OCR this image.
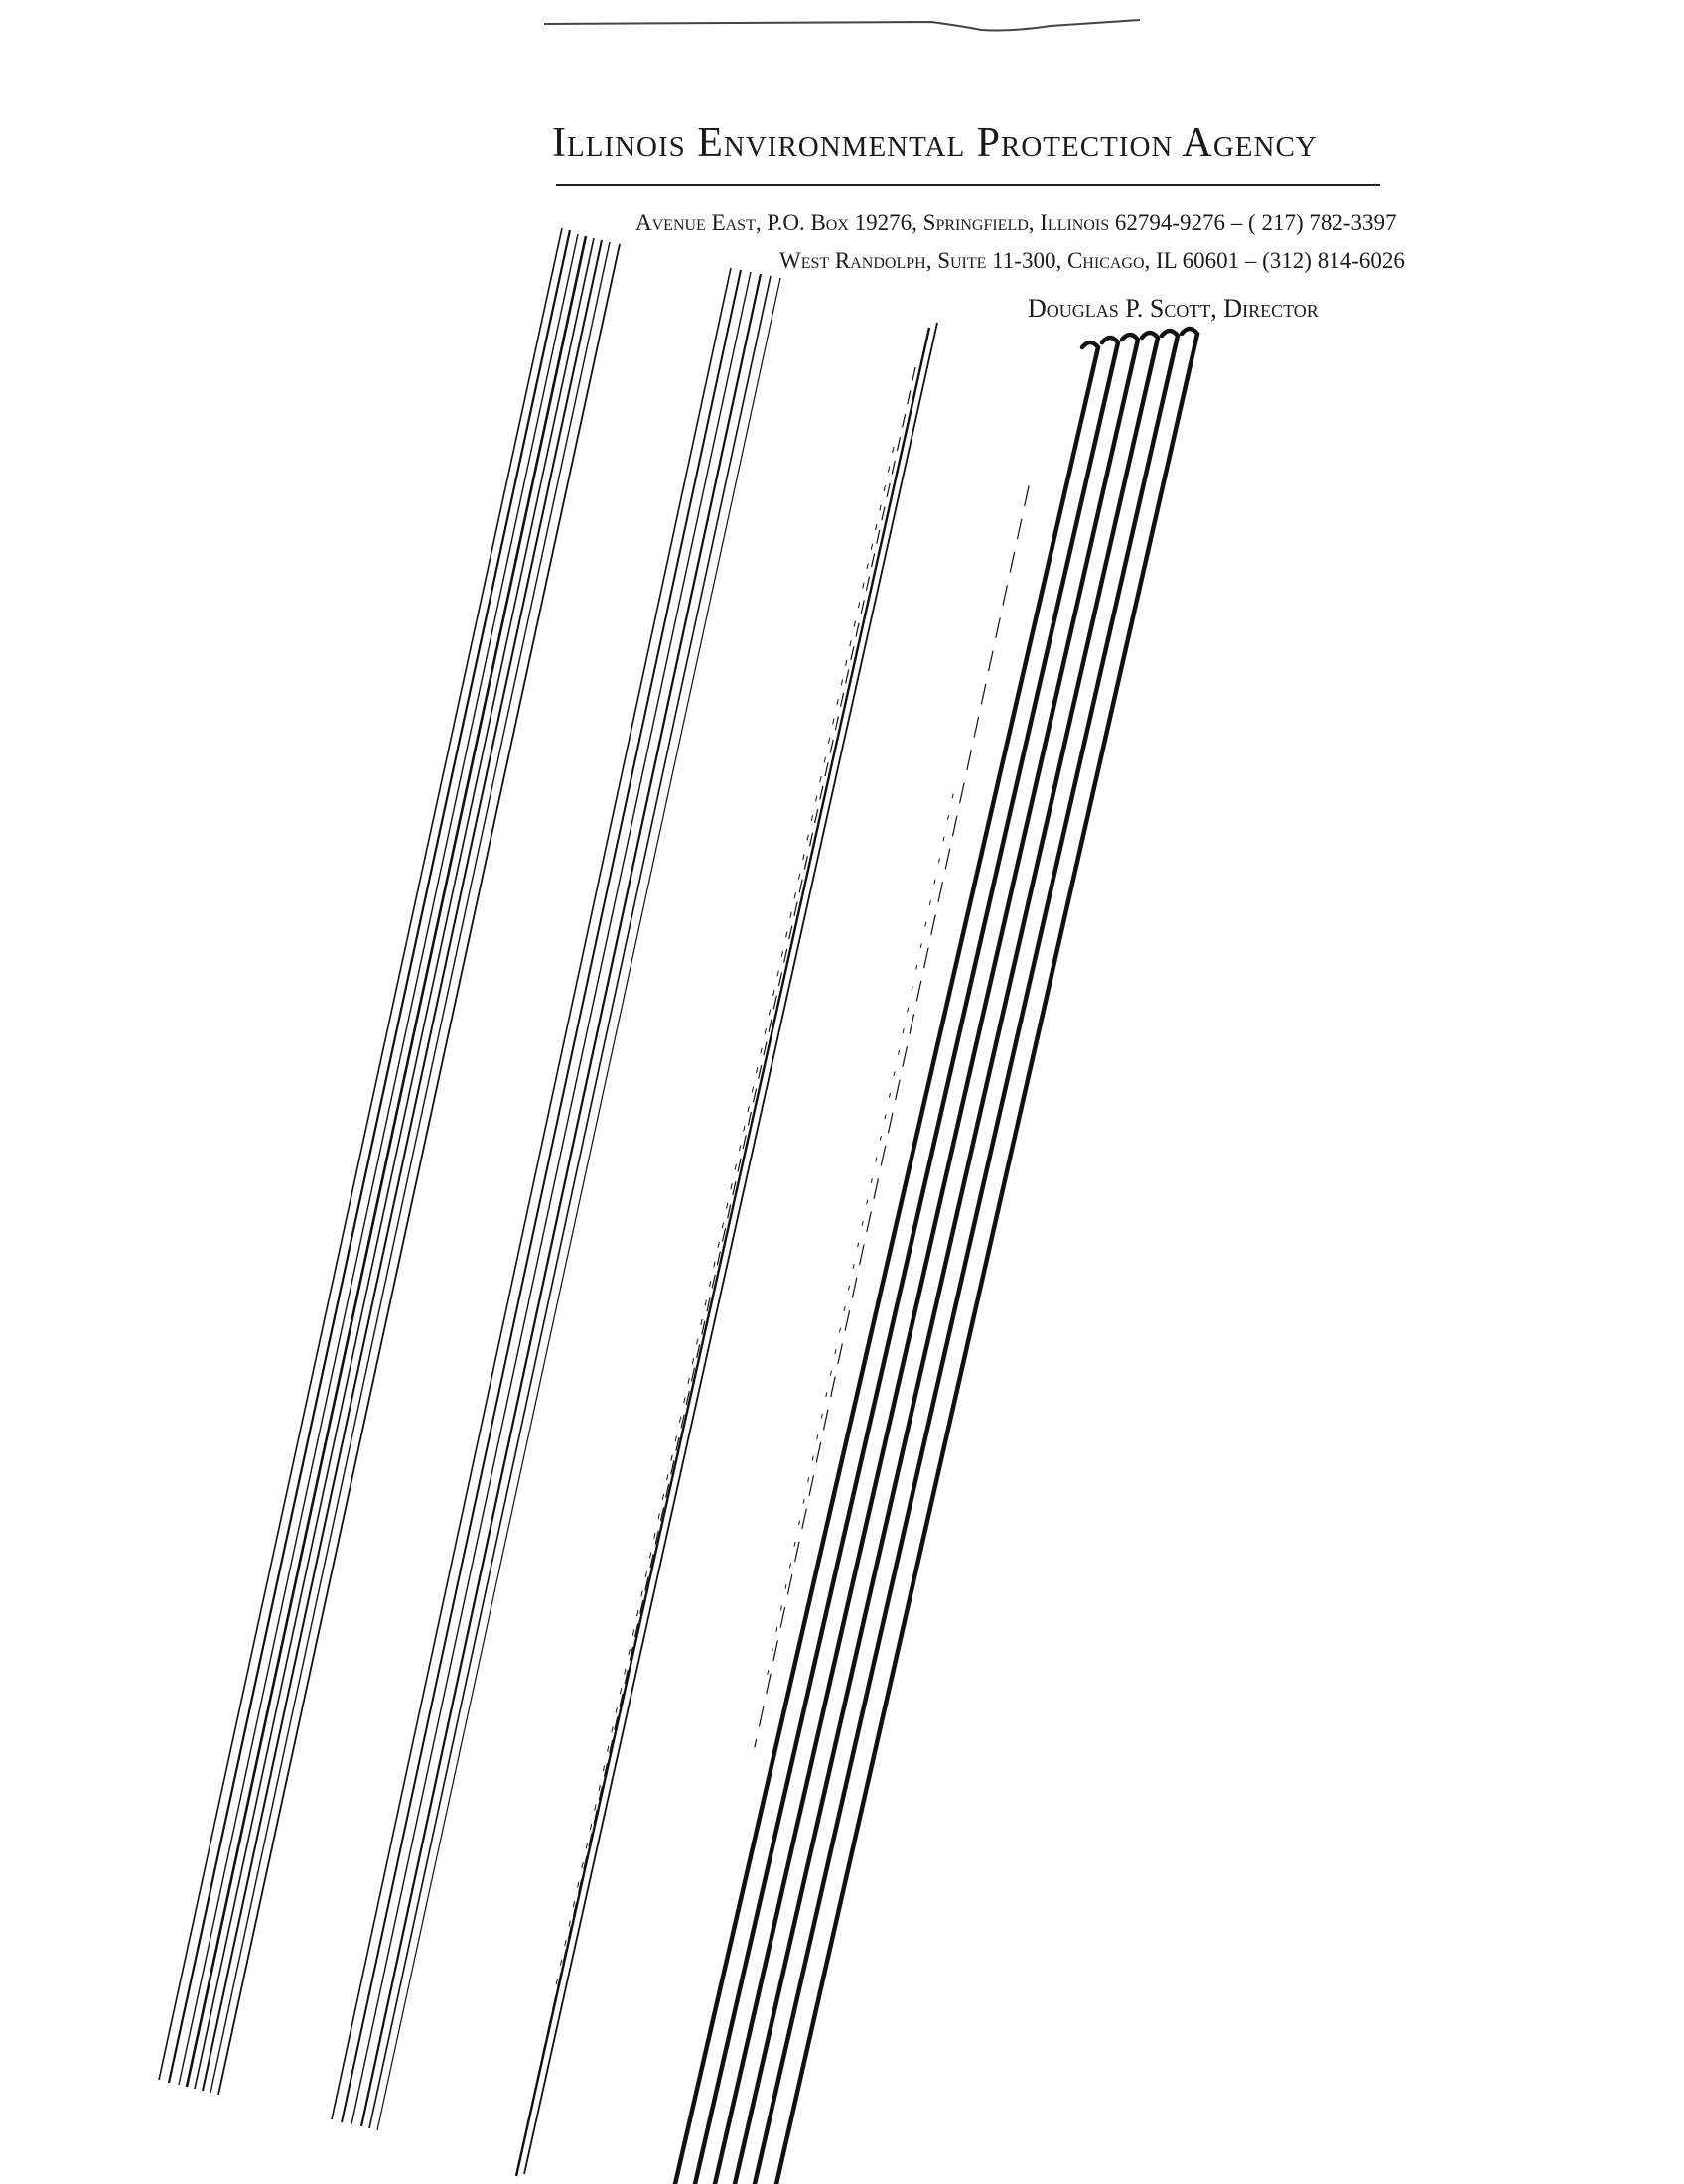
Illinois Environmental Protection Agency
Avenue East, P.O. Box 19276, Springfield, Illinois 62794-9276 – ( 217) 782-3397
West Randolph, Suite 11-300, Chicago, IL 60601 – (312) 814-6026
Douglas P. Scott, Director
